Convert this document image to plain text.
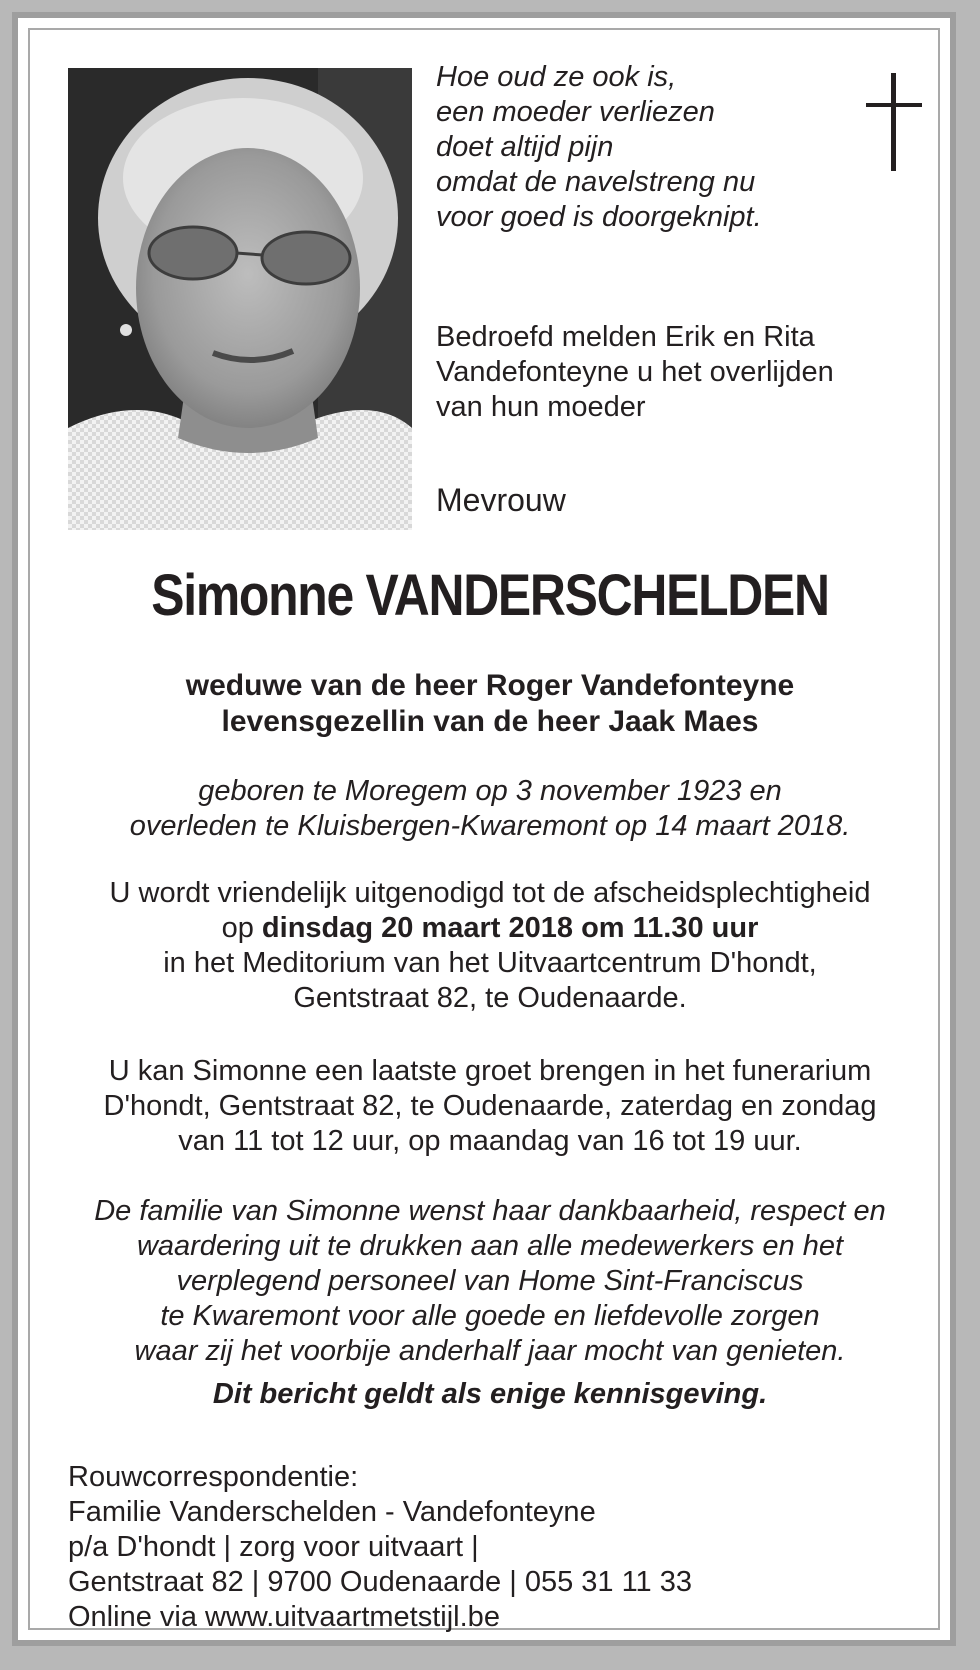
Hoe oud ze ook is,
een moeder verliezen
doet altijd pijn
omdat de navelstreng nu
voor goed is doorgeknipt.
Bedroefd melden Erik en Rita
Vandefonteyne u het overlijden
van hun moeder
Mevrouw
Simonne VANDERSCHELDEN
weduwe van de heer Roger Vandefonteyne
levensgezellin van de heer Jaak Maes
geboren te Moregem op 3 november 1923 en
overleden te Kluisbergen-Kwaremont op 14 maart 2018.
U wordt vriendelijk uitgenodigd tot de afscheidsplechtigheid
op dinsdag 20 maart 2018 om 11.30 uur
in het Meditorium van het Uitvaartcentrum D'hondt,
Gentstraat 82, te Oudenaarde.
U kan Simonne een laatste groet brengen in het funerarium
D'hondt, Gentstraat 82, te Oudenaarde, zaterdag en zondag
van 11 tot 12 uur, op maandag van 16 tot 19 uur.
De familie van Simonne wenst haar dankbaarheid, respect en
waardering uit te drukken aan alle medewerkers en het
verplegend personeel van Home Sint-Franciscus
te Kwaremont voor alle goede en liefdevolle zorgen
waar zij het voorbije anderhalf jaar mocht van genieten.
Dit bericht geldt als enige kennisgeving.
Rouwcorrespondentie:
Familie Vanderschelden - Vandefonteyne
p/a D'hondt | zorg voor uitvaart |
Gentstraat 82 | 9700 Oudenaarde | 055 31 11 33
Online via www.uitvaartmetstijl.be
